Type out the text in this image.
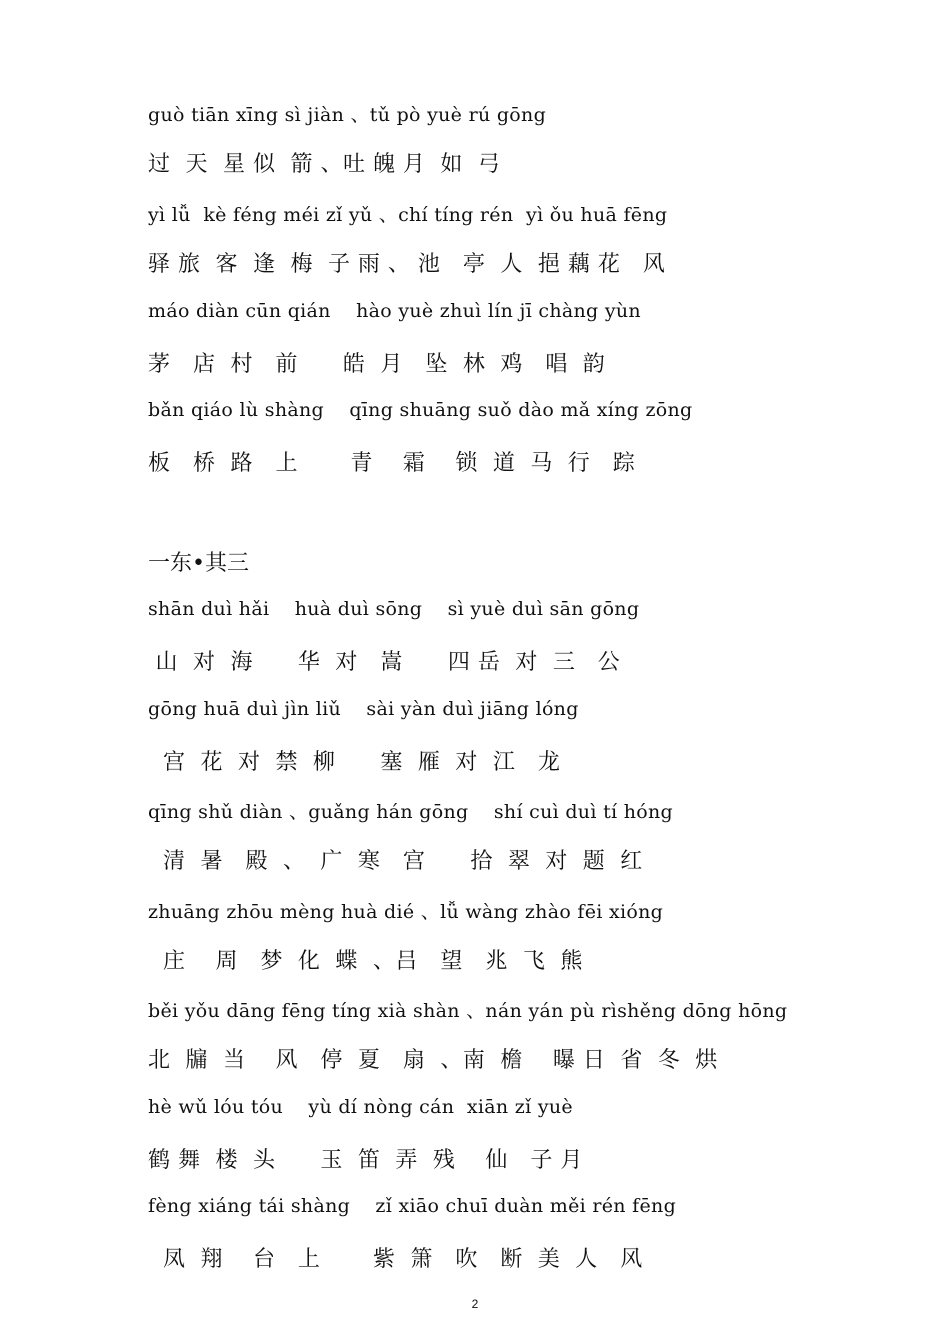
guò tiān xīng sì jiàn 、tǔ pò yuè rú gōng
过  天  星 似  箭 、吐 魄 月  如  弓
yì lǚ  kè féng méi zǐ yǔ 、chí tíng rén  yì ǒu huā fēng
驿 旅  客  逢  梅  子 雨 、 池   亭  人  挹 藕 花   风
máo diàn cūn qián    hào yuè zhuì lín jī chàng yùn
茅   店  村   前      皓  月   坠  林  鸡   唱  韵
bǎn qiáo lù shàng    qīng shuāng suǒ dào mǎ xíng zōng
板   桥  路   上       青    霜    锁  道  马  行   踪
一东•其三
shān duì hǎi    huà duì sōng    sì yuè duì sān gōng
山  对  海      华  对   嵩      四 岳  对  三   公
gōng huā duì jìn liǔ    sài yàn duì jiāng lóng
宫  花  对  禁  柳      塞  雁  对  江   龙
qīng shǔ diàn 、guǎng hán gōng    shí cuì duì tí hóng
清  暑   殿  、  广  寒   宫      拾  翠  对  题  红
zhuāng zhōu mèng huà dié 、lǚ wàng zhào fēi xióng
庄    周   梦  化  蝶  、吕   望   兆  飞  熊
běi yǒu dāng fēng tíng xià shàn 、nán yán pù rìshěng dōng hōng
北  牖  当    风   停  夏   扇  、南  檐    曝 日  省  冬  烘
hè wǔ lóu tóu    yù dí nòng cán  xiān zǐ yuè
鹤 舞  楼  头      玉  笛  弄  残    仙   子 月
fèng xiáng tái shàng    zǐ xiāo chuī duàn měi rén fēng
凤  翔    台   上       紫  箫   吹   断  美  人   风
2
